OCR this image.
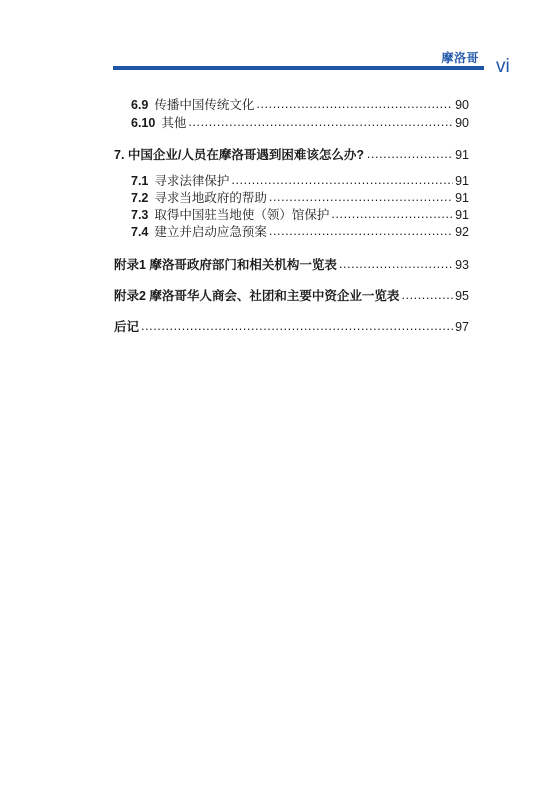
摩洛哥 vi
6.9 传播中国传统文化 .....	90
6.10 其他 .....	90
7. 中国企业/人员在摩洛哥遇到困难该怎么办? .....	91
7.1 寻求法律保护 .....	91
7.2 寻求当地政府的帮助 .....	91
7.3 取得中国驻当地使（领）馆保护 .....	91
7.4 建立并启动应急预案 .....	92
附录1 摩洛哥政府部门和相关机构一览表 .....	93
附录2 摩洛哥华人商会、社团和主要中资企业一览表 .....	95
后记 .....	97
